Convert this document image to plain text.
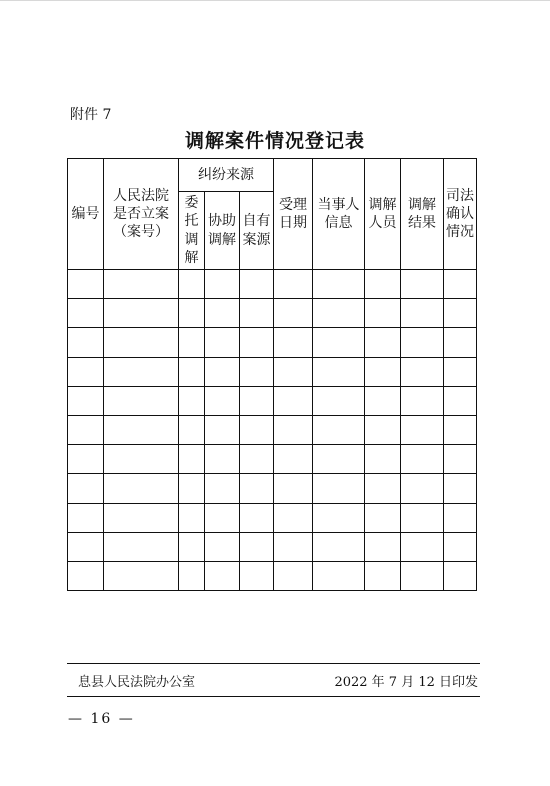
附件 7
调解案件情况登记表
编号	人民法院是否立案（案号）	纠纷来源			受理日期	当事人信息	调解人员	调解结果	司法确认情况
		委托调解	协助调解	自有案源					

息县人民法院办公室	2022 年 7 月 12 日印发
— 16 —
